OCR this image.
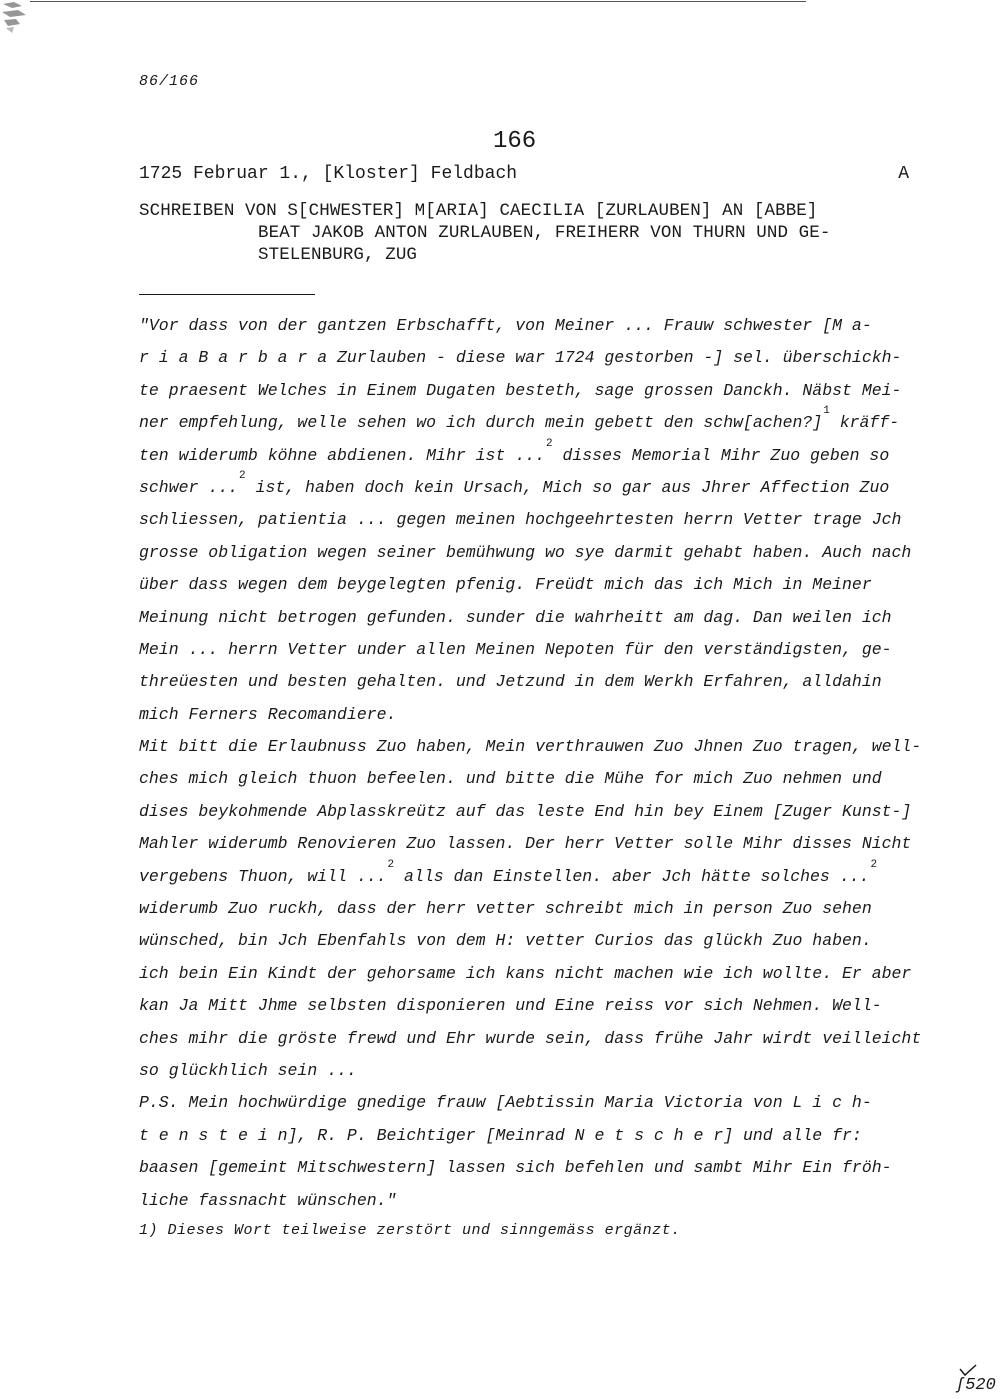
86/166
166
1725 Februar 1., [Kloster] Feldbach	A
SCHREIBEN VON S[CHWESTER] M[ARIA] CAECILIA [ZURLAUBEN] AN [ABBE]
BEAT JAKOB ANTON ZURLAUBEN, FREIHERR VON THURN UND GE-
STELENBURG, ZUG
"Vor dass von der gantzen Erbschafft, von Meiner ... Frauw schwester [M a-
r i a B a r b a r a Zurlauben - diese war 1724 gestorben -] sel. überschickh-
te praesent Welches in Einem Dugaten besteth, sage grossen Danckh. Näbst Mei-
ner empfehlung, welle sehen wo ich durch mein gebett den schw[achen?]$^1$ kräff-
ten widerumb köhne abdienen. Mihr ist ...$^2$ disses Memorial Mihr Zuo geben so
schwer ...$^2$ ist, haben doch kein Ursach, Mich so gar aus Jhrer Affection Zuo
schliessen, patientia ... gegen meinen hochgeehrtesten herrn Vetter trage Jch
grosse obligation wegen seiner bemühwung wo sye darmit gehabt haben. Auch nach
über dass wegen dem beygelegten pfenig. Freüdt mich das ich Mich in Meiner
Meinung nicht betrogen gefunden. sunder die wahrheitt am dag. Dan weilen ich
Mein ... herrn Vetter under allen Meinen Nepoten für den verständigsten, ge-
threüesten und besten gehalten. und Jetzund in dem Werkh Erfahren, alldahin
mich Ferners Recomandiere.
Mit bitt die Erlaubnuss Zuo haben, Mein verthrauwen Zuo Jhnen Zuo tragen, well-
ches mich gleich thuon befeelen. und bitte die Mühe for mich Zuo nehmen und
dises beykohmende Abplasskreütz auf das leste End hin bey Einem [Zuger Kunst-]
Mahler widerumb Renovieren Zuo lassen. Der herr Vetter solle Mihr disses Nicht
vergebens Thuon, will ...$^2$ alls dan Einstellen. aber Jch hätte solches ...$^2$
widerumb Zuo ruckh, dass der herr vetter schreibt mich in person Zuo sehen
wünsched, bin Jch Ebenfahls von dem H: vetter Curios das glückh Zuo haben.
ich bein Ein Kindt der gehorsame ich kans nicht machen wie ich wollte. Er aber
kan Ja Mitt Jhme selbsten disponieren und Eine reiss vor sich Nehmen. Well-
ches mihr die gröste frewd und Ehr wurde sein, dass frühe Jahr wirdt veilleicht
so glückhlich sein ...
P.S. Mein hochwürdige gnedige frauw [Aebtissin Maria Victoria von L i c h-
t e n s t e i n], R. P. Beichtiger [Meinrad N e t s c h e r] und alle fr:
baasen [gemeint Mitschwestern] lassen sich befehlen und sambt Mihr Ein fröh-
liche fassnacht wünschen."
1) Dieses Wort teilweise zerstört und sinngemäss ergänzt.
ʃ520
